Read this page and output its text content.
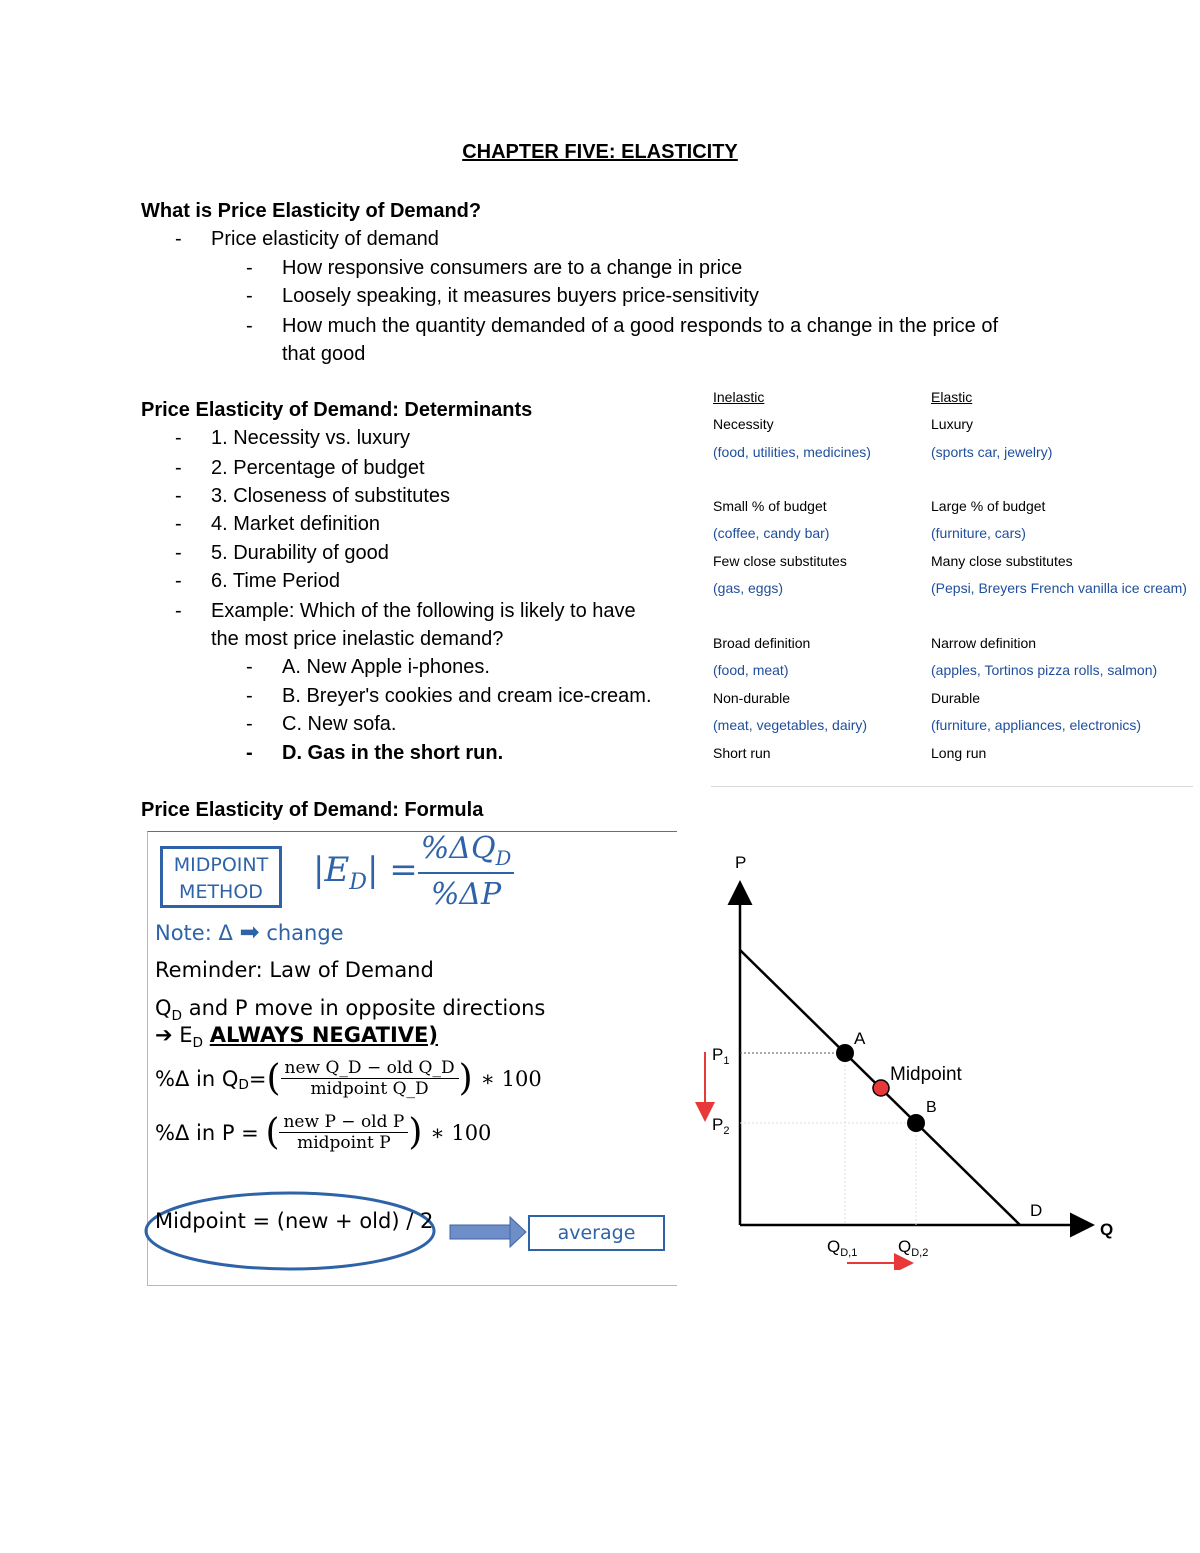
CHAPTER FIVE: ELASTICITY
What is Price Elasticity of Demand?
- Price elasticity of demand
- How responsive consumers are to a change in price
- Loosely speaking, it measures buyers price-sensitivity
- How much the quantity demanded of a good responds to a change in the price of
that good
Price Elasticity of Demand: Determinants
- 1. Necessity vs. luxury
- 2. Percentage of budget
- 3. Closeness of substitutes
- 4. Market definition
- 5. Durability of good
- 6. Time Period
- Example: Which of the following is likely to have
the most price inelastic demand?
- A. New Apple i-phones.
- B. Breyer's cookies and cream ice-cream.
- C. New sofa.
- D. Gas in the short run.
Inelastic	Elastic
Necessity	Luxury
(food, utilities, medicines)	(sports car, jewelry)
Small % of budget	Large % of budget
(coffee, candy bar)	(furniture, cars)
Few close substitutes	Many close substitutes
(gas, eggs)	(Pepsi, Breyers French vanilla ice cream)
Broad definition	Narrow definition
(food, meat)	(apples, Tortinos pizza rolls, salmon)
Non-durable	Durable
(meat, vegetables, dairy)	(furniture, appliances, electronics)
Short run	Long run
Price Elasticity of Demand: Formula
MIDPOINT
METHOD
$|E_D|$ =
$\%\Delta Q_D$
%ΔP
Note: Δ ➡ change
Reminder: Law of Demand
$Q_D$ and P move in opposite directions
➔ $E_D$ ALWAYS NEGATIVE)
%Δ in $Q_D$ = ( $\frac{\text{new Q\_D − old Q\_D}}{\text{midpoint Q\_D}}$ ) ∗ 100
%Δ in P = ( $\frac{\text{new P − old P}}{\text{midpoint P}}$ ) ∗ 100
Midpoint = (new + old) / 2	average
P
Q
$P_1$
$P_2$
$Q_{D,1}$ $Q_{D,2}$
A
B
Midpoint
D
